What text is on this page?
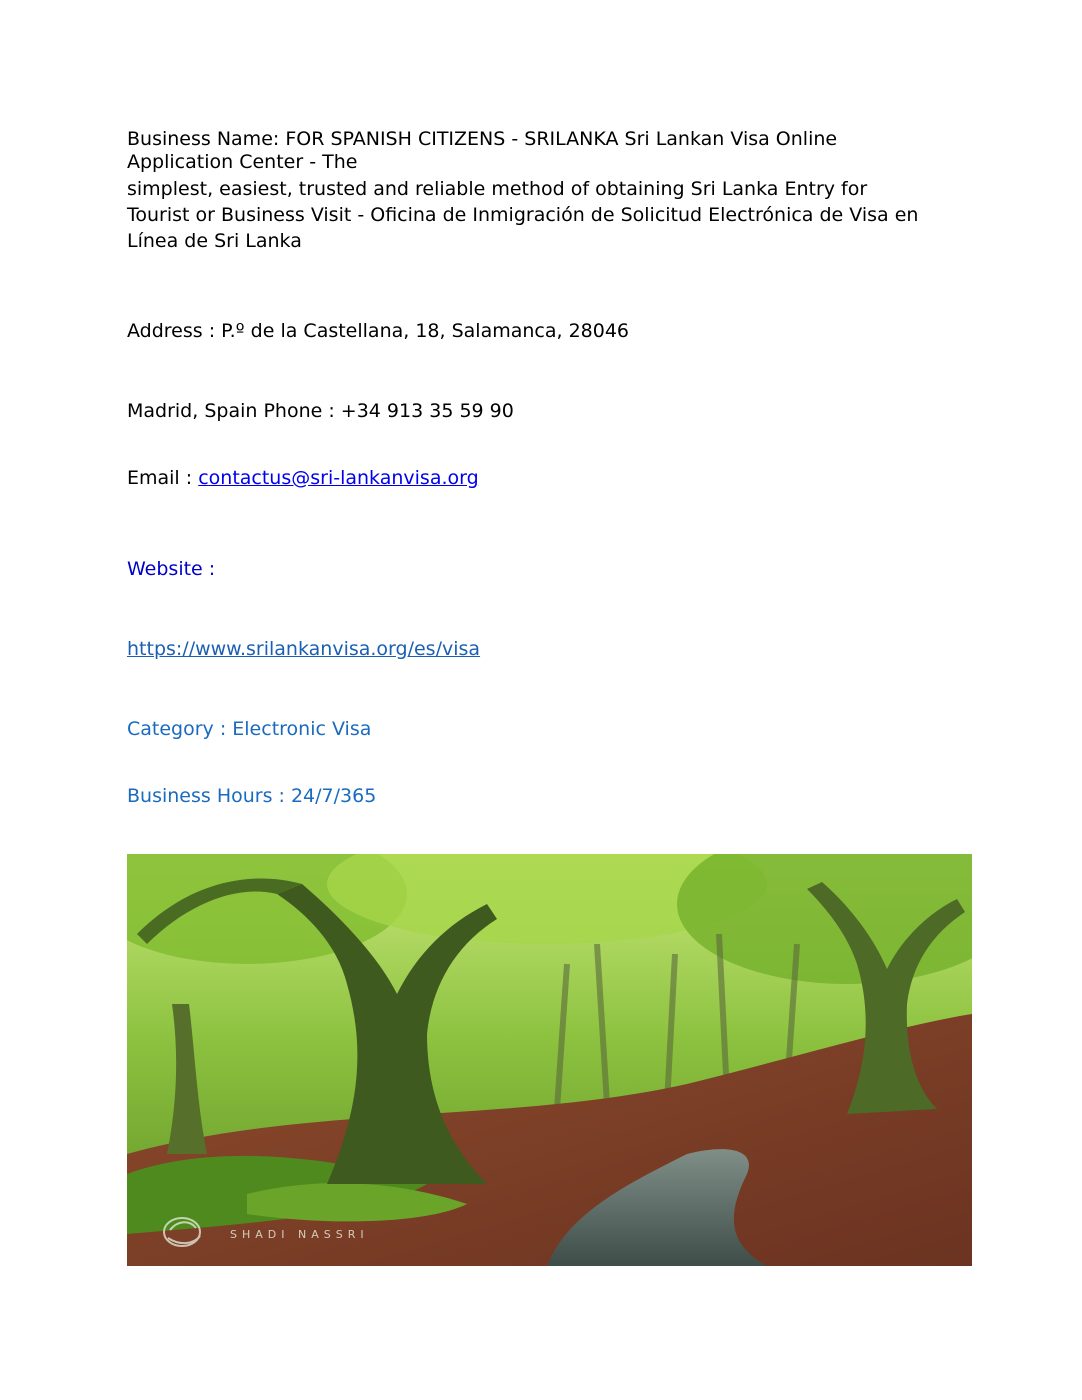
Business Name: FOR SPANISH CITIZENS - SRILANKA Sri Lankan Visa Online

Application Center - The

simplest, easiest, trusted and reliable method of obtaining Sri Lanka Entry for Tourist or Business Visit - Oficina de Inmigración de Solicitud Electrónica de Visa en Línea de Sri Lanka

Address : P.º de la Castellana, 18, Salamanca, 28046

Madrid, Spain Phone : +34 913 35 59 90

Email : contactus@sri-lankanvisa.org

Website :

https://www.srilankanvisa.org/es/visa

Category : Electronic Visa

Business Hours : 24/7/365

SHADI NASSRI
